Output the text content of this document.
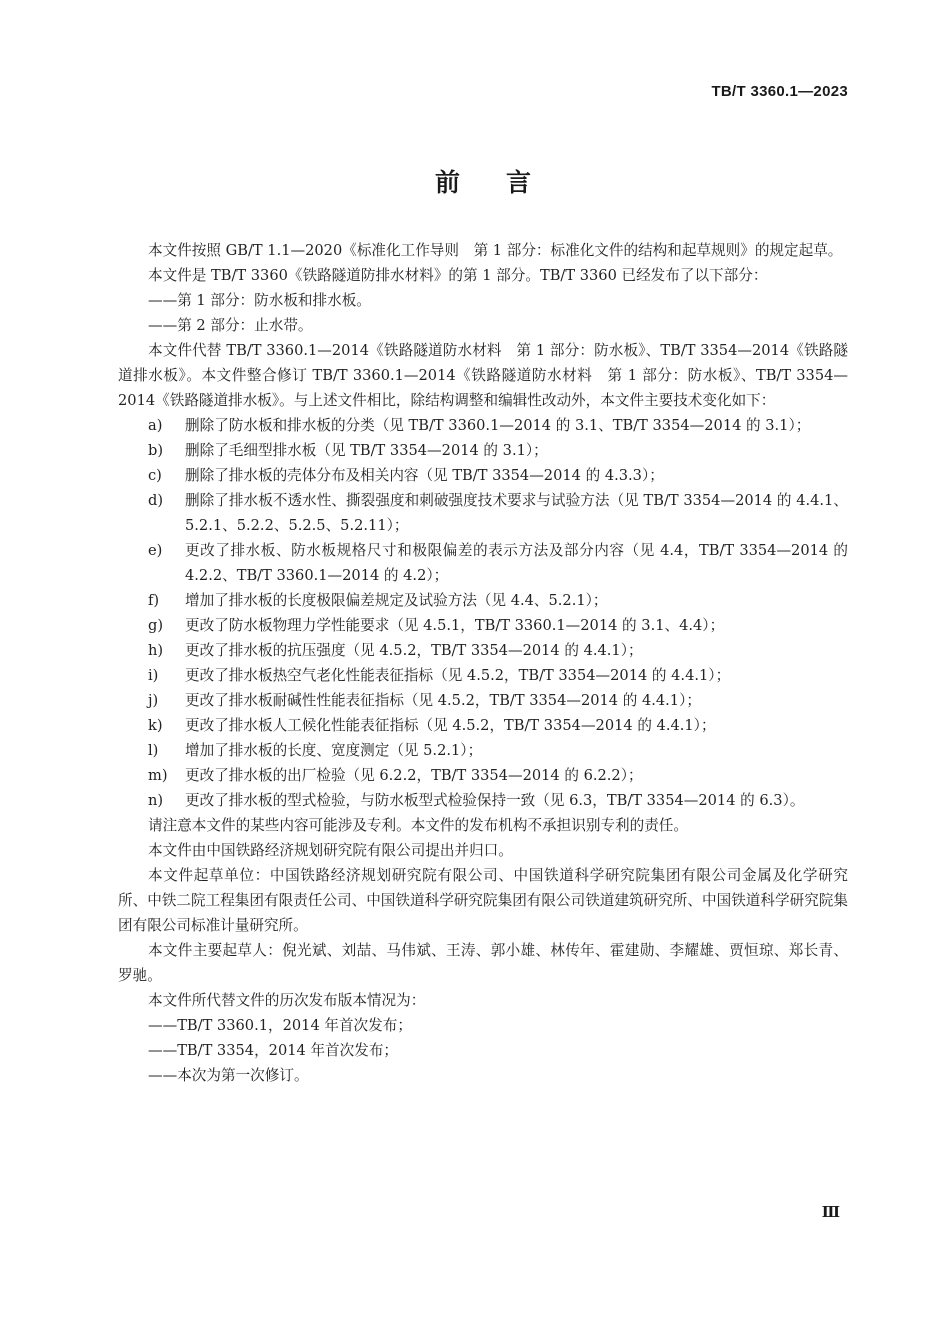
TB/T 3360.1—2023
前言

本文件按照 GB/T 1.1—2020《标准化工作导则　第 1 部分：标准化文件的结构和起草规则》的规定起草。

本文件是 TB/T 3360《铁路隧道防排水材料》的第 1 部分。TB/T 3360 已经发布了以下部分：

——第 1 部分：防水板和排水板。

——第 2 部分：止水带。

本文件代替 TB/T 3360.1—2014《铁路隧道防水材料　第 1 部分：防水板》、TB/T 3354—2014《铁路隧道排水板》。本文件整合修订 TB/T 3360.1—2014《铁路隧道防水材料　第 1 部分：防水板》、TB/T 3354—2014《铁路隧道排水板》。与上述文件相比，除结构调整和编辑性改动外，本文件主要技术变化如下：

a) 删除了防水板和排水板的分类（见 TB/T 3360.1—2014 的 3.1、TB/T 3354—2014 的 3.1）；
b) 删除了毛细型排水板（见 TB/T 3354—2014 的 3.1）；
c) 删除了排水板的壳体分布及相关内容（见 TB/T 3354—2014 的 4.3.3）；
d) 删除了排水板不透水性、撕裂强度和刺破强度技术要求与试验方法（见 TB/T 3354—2014 的 4.4.1、5.2.1、5.2.2、5.2.5、5.2.11）；
e) 更改了排水板、防水板规格尺寸和极限偏差的表示方法及部分内容（见 4.4，TB/T 3354—2014 的 4.2.2、TB/T 3360.1—2014 的 4.2）；
f) 增加了排水板的长度极限偏差规定及试验方法（见 4.4、5.2.1）；
g) 更改了防水板物理力学性能要求（见 4.5.1，TB/T 3360.1—2014 的 3.1、4.4）；
h) 更改了排水板的抗压强度（见 4.5.2，TB/T 3354—2014 的 4.4.1）；
i) 更改了排水板热空气老化性能表征指标（见 4.5.2，TB/T 3354—2014 的 4.4.1）；
j) 更改了排水板耐碱性性能表征指标（见 4.5.2，TB/T 3354—2014 的 4.4.1）；
k) 更改了排水板人工候化性能表征指标（见 4.5.2，TB/T 3354—2014 的 4.4.1）；
l) 增加了排水板的长度、宽度测定（见 5.2.1）；
m) 更改了排水板的出厂检验（见 6.2.2，TB/T 3354—2014 的 6.2.2）；
n) 更改了排水板的型式检验，与防水板型式检验保持一致（见 6.3，TB/T 3354—2014 的 6.3）。

请注意本文件的某些内容可能涉及专利。本文件的发布机构不承担识别专利的责任。

本文件由中国铁路经济规划研究院有限公司提出并归口。

本文件起草单位：中国铁路经济规划研究院有限公司、中国铁道科学研究院集团有限公司金属及化学研究所、中铁二院工程集团有限责任公司、中国铁道科学研究院集团有限公司铁道建筑研究所、中国铁道科学研究院集团有限公司标准计量研究所。

本文件主要起草人：倪光斌、刘喆、马伟斌、王涛、郭小雄、林传年、霍建勋、李耀雄、贾恒琼、郑长青、罗驰。

本文件所代替文件的历次发布版本情况为：

——TB/T 3360.1，2014 年首次发布；

——TB/T 3354，2014 年首次发布；

——本次为第一次修订。

Ⅲ
